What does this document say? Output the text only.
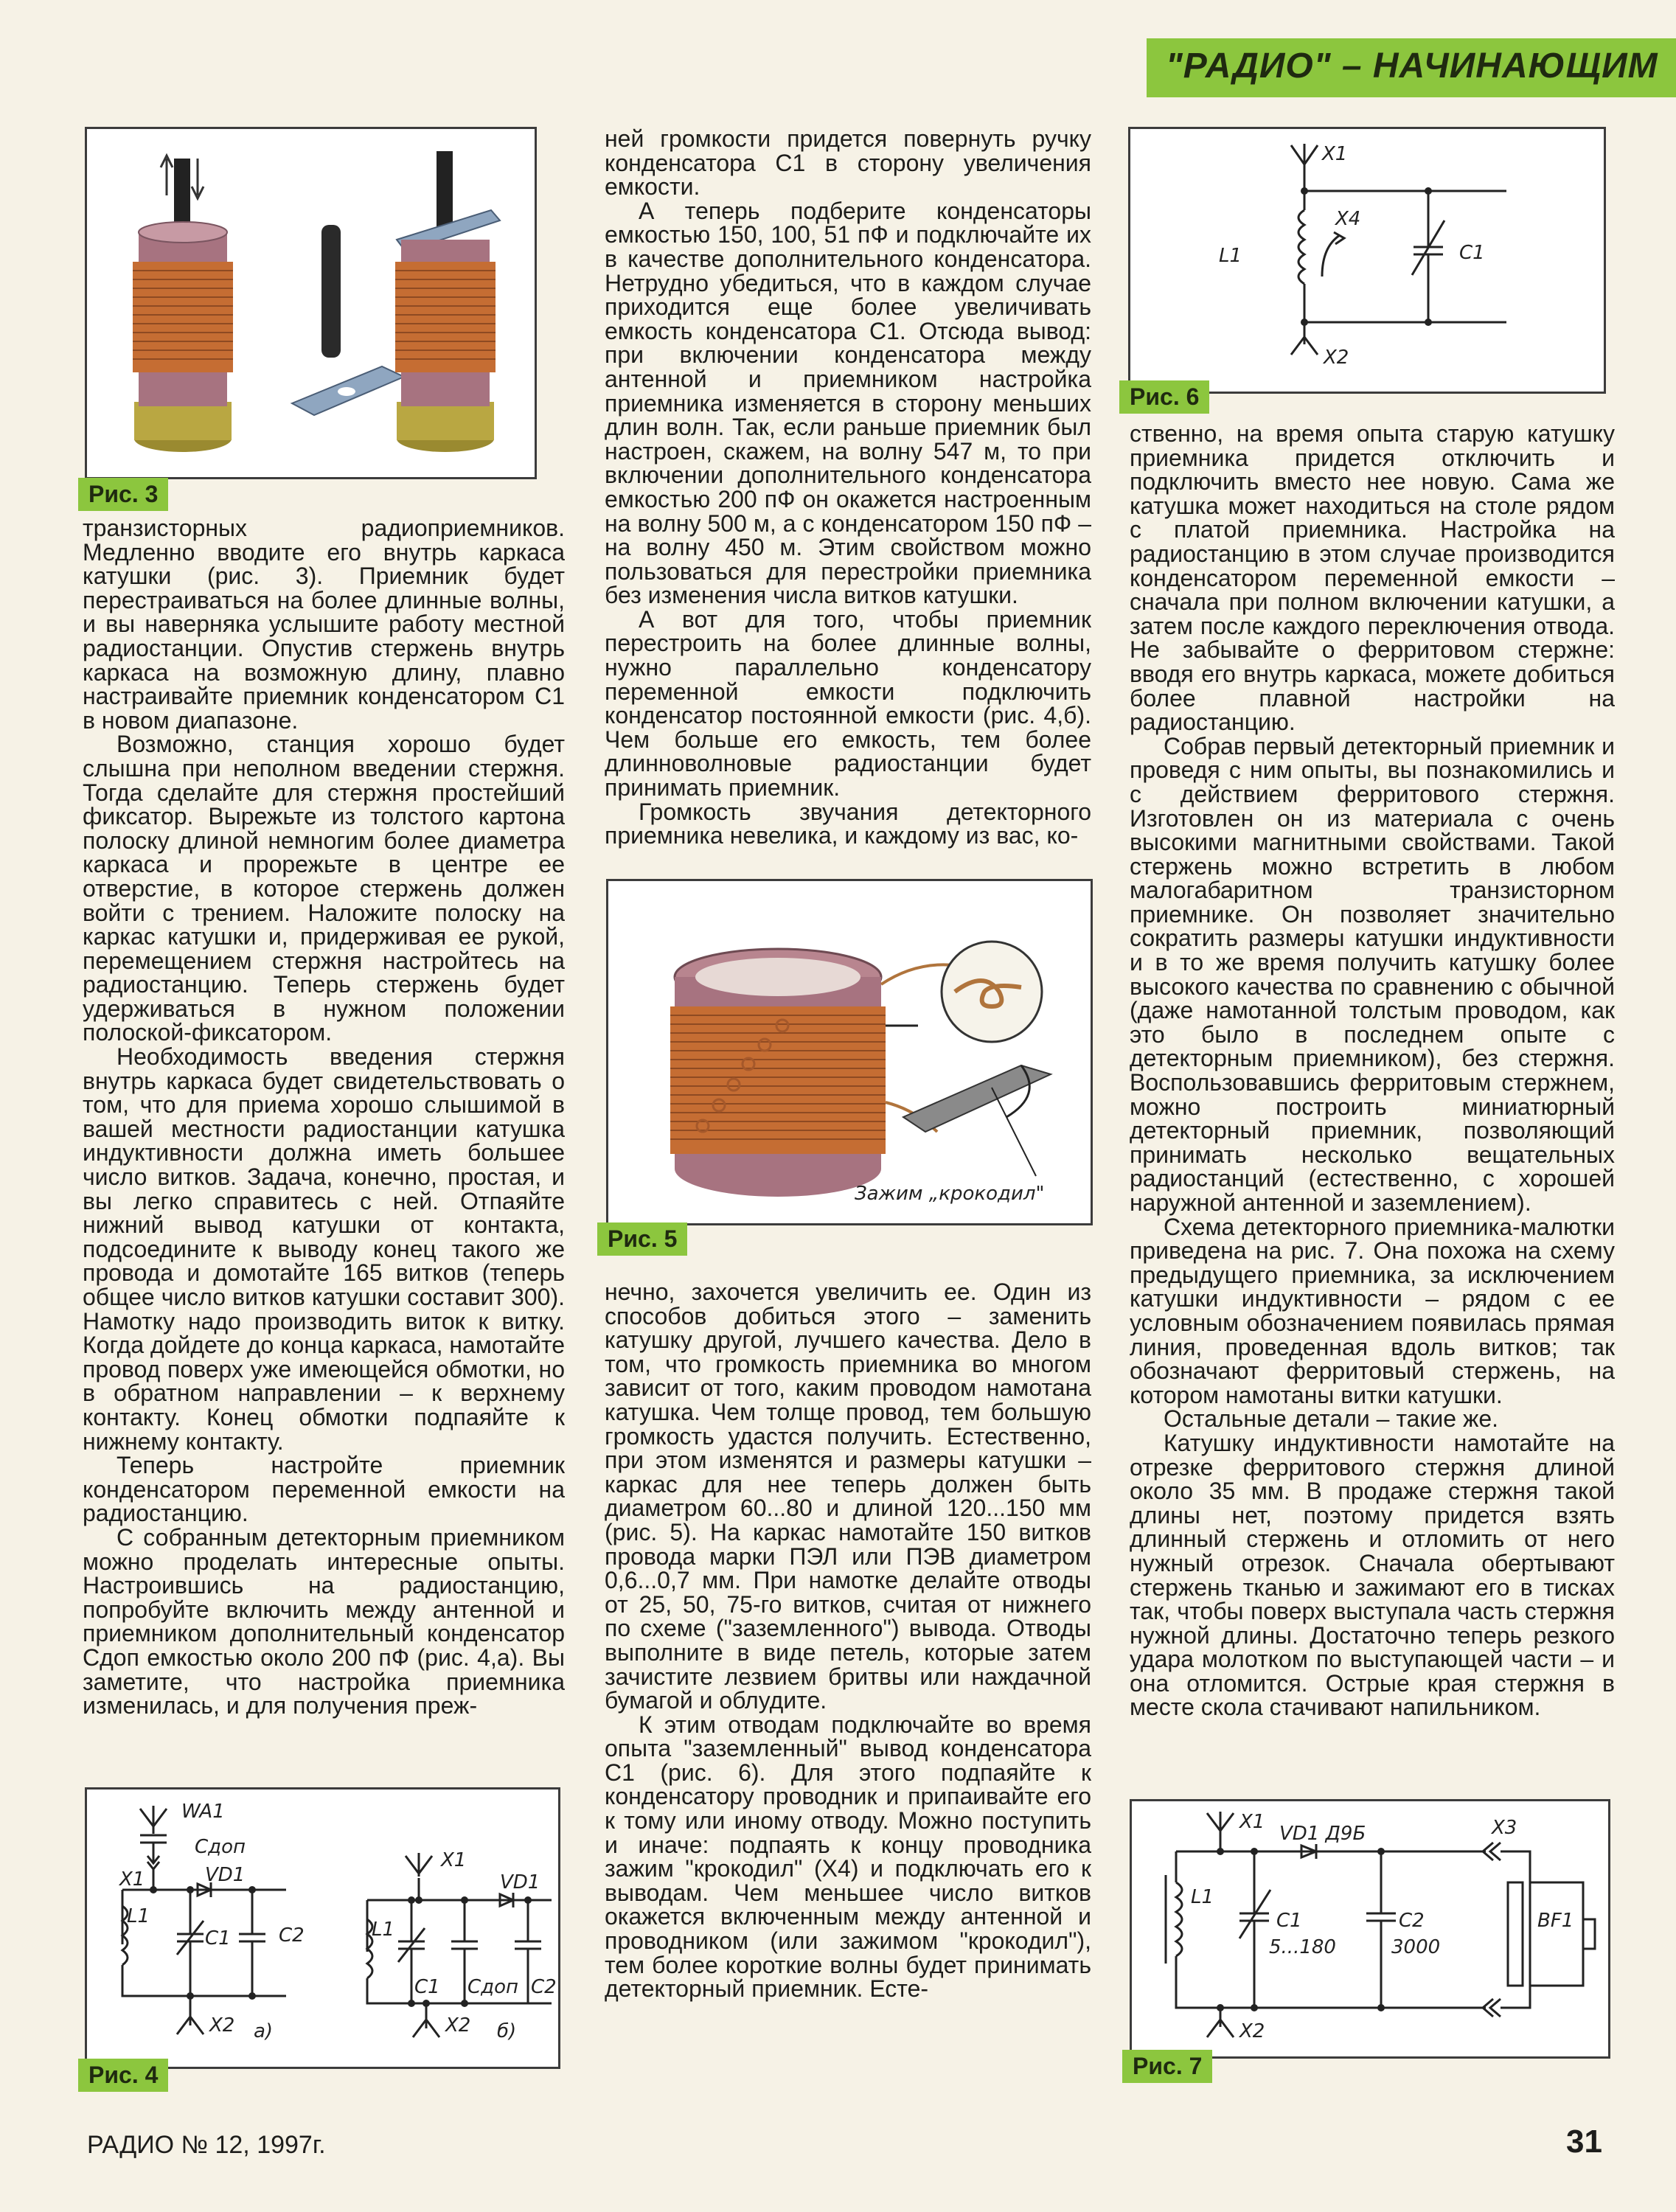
"РАДИО" – НАЧИНАЮЩИМ
Рис. 3

транзисторных радиоприемников. Медленно вводите его внутрь каркаса катушки (рис. 3). Приемник будет перестраиваться на более длинные волны, и вы наверняка услышите работу местной радиостанции. Опустив стержень внутрь каркаса на возможную длину, плавно настраивайте приемник конденсатором С1 в новом диапазоне.

Возможно, станция хорошо будет слышна при неполном введении стержня. Тогда сделайте для стержня простейший фиксатор. Вырежьте из толстого картона полоску длиной немногим более диаметра каркаса и прорежьте в центре ее отверстие, в которое стержень должен войти с трением. Наложите полоску на каркас катушки и, придерживая ее рукой, перемещением стержня настройтесь на радиостанцию. Теперь стержень будет удерживаться в нужном положении полоской-фиксатором.

Необходимость введения стержня внутрь каркаса будет свидетельствовать о том, что для приема хорошо слышимой в вашей местности радиостанции катушка индуктивности должна иметь большее число витков. Задача, конечно, простая, и вы легко справитесь с ней. Отпаяйте нижний вывод катушки от контакта, подсоедините к выводу конец такого же провода и домотайте 165 витков (теперь общее число витков катушки составит 300). Намотку надо производить виток к витку. Когда дойдете до конца каркаса, намотайте провод поверх уже имеющейся обмотки, но в обратном направлении – к верхнему контакту. Конец обмотки подпаяйте к нижнему контакту.

Теперь настройте приемник конденсатором переменной емкости на радиостанцию.

С собранным детекторным приемником можно проделать интересные опыты. Настроившись на радиостанцию, попробуйте включить между антенной и приемником дополнительный конденсатор Сдоп емкостью около 200 пФ (рис. 4,а). Вы заметите, что настройка приемника изменилась, и для получения преж-

WA1
Cдоп
X1	VD1
L1
C1	C2
X2 а)
X1
VD1
L1
C1 Cдоп C2
X2 б)
Рис. 4

ней громкости придется повернуть ручку конденсатора С1 в сторону увеличения емкости.

А теперь подберите конденсаторы емкостью 150, 100, 51 пФ и подключайте их в качестве дополнительного конденсатора. Нетрудно убедиться, что в каждом случае приходится еще более увеличивать емкость конденсатора С1. Отсюда вывод: при включении конденсатора между антенной и приемником настройка приемника изменяется в сторону меньших длин волн. Так, если раньше приемник был настроен, скажем, на волну 547 м, то при включении дополнительного конденсатора емкостью 200 пФ он окажется настроенным на волну 500 м, а с конденсатором 150 пФ – на волну 450 м. Этим свойством можно пользоваться для перестройки приемника без изменения числа витков катушки.

А вот для того, чтобы приемник перестроить на более длинные волны, нужно параллельно конденсатору переменной емкости подключить конденсатор постоянной емкости (рис. 4,б). Чем больше его емкость, тем более длинноволновые радиостанции будет принимать приемник.

Громкость звучания детекторного приемника невелика, и каждому из вас, ко-

Зажим „крокодил"
Рис. 5

нечно, захочется увеличить ее. Один из способов добиться этого – заменить катушку другой, лучшего качества. Дело в том, что громкость приемника во многом зависит от того, каким проводом намотана катушка. Чем толще провод, тем большую громкость удастся получить. Естественно, при этом изменятся и размеры катушки – каркас для нее теперь должен быть диаметром 60...80 и длиной 120...150 мм (рис. 5). На каркас намотайте 150 витков провода марки ПЭЛ или ПЭВ диаметром 0,6...0,7 мм. При намотке делайте отводы от 25, 50, 75-го витков, считая от нижнего по схеме ("заземленного") вывода. Отводы выполните в виде петель, которые затем зачистите лезвием бритвы или наждачной бумагой и облудите.

К этим отводам подключайте во время опыта "заземленный" вывод конденсатора С1 (рис. 6). Для этого подпаяйте к конденсатору проводник и припаивайте его к тому или иному отводу. Можно поступить и иначе: подпаять к концу проводника зажим "крокодил" (Х4) и подключать его к выводам. Чем меньшее число витков окажется включенным между антенной и проводником (или зажимом "крокодил"), тем более короткие волны будет принимать детекторный приемник. Есте-

X1
X4
L1	C1
X2
Рис. 6

ственно, на время опыта старую катушку приемника придется отключить и подключить вместо нее новую. Сама же катушка может находиться на столе рядом с платой приемника. Настройка на радиостанцию в этом случае производится конденсатором переменной емкости – сначала при полном включении катушки, а затем после каждого переключения отвода. Не забывайте о ферритовом стержне: вводя его внутрь каркаса, можете добиться более плавной настройки на радиостанцию.

Собрав первый детекторный приемник и проведя с ним опыты, вы познакомились и с действием ферритового стержня. Изготовлен он из материала с очень высокими магнитными свойствами. Такой стержень можно встретить в любом малогабаритном транзисторном приемнике. Он позволяет значительно сократить размеры катушки индуктивности и в то же время получить катушку более высокого качества по сравнению с обычной (даже намотанной толстым проводом, как это было в последнем опыте с детекторным приемником), без стержня. Воспользовавшись ферритовым стержнем, можно построить миниатюрный детекторный приемник, позволяющий принимать несколько вещательных радиостанций (естественно, с хорошей наружной антенной и заземлением).

Схема детекторного приемника-малютки приведена на рис. 7. Она похожа на схему предыдущего приемника, за исключением катушки индуктивности – рядом с ее условным обозначением появилась прямая линия, проведенная вдоль витков; так обозначают ферритовый стержень, на котором намотаны витки катушки.

Остальные детали – такие же.

Катушку индуктивности намотайте на отрезке ферритового стержня длиной около 35 мм. В продаже стержня такой длины нет, поэтому придется взять длинный стержень и отломить от него нужный отрезок. Сначала обертывают стержень тканью и зажимают его в тисках так, чтобы поверх выступала часть стержня нужной длины. Достаточно теперь резкого удара молотком по выступающей части – и она отломится. Острые края стержня в месте скола стачивают напильником.

X1
VD1 Д9Б	X3
L1
C1
5...180
C2
3000
BF1
X2
Рис. 7
РАДИО № 12, 1997г.	31
